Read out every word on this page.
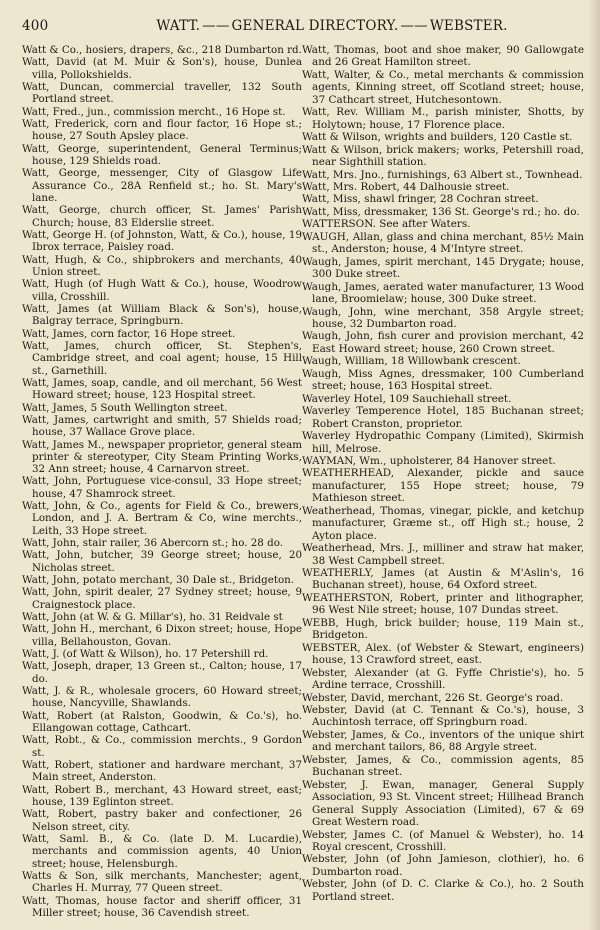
400	WATT. —— GENERAL DIRECTORY. —— WEBSTER.

Watt & Co., hosiers, drapers, &c., 218 Dumbarton rd.

Watt, David (at M. Muir & Son's), house, Dunlea villa, Pollokshields.

Watt, Duncan, commercial traveller, 132 South Portland street.

Watt, Fred., jun., commission mercht., 16 Hope st.

Watt, Frederick, corn and flour factor, 16 Hope st.; house, 27 South Apsley place.

Watt, George, superintendent, General Terminus; house, 129 Shields road.

Watt, George, messenger, City of Glasgow Life Assurance Co., 28A Renfield st.; ho. St. Mary's lane.

Watt, George, church officer, St. James' Parish Church; house, 83 Elderslie street.

Watt, George H. (of Johnston, Watt, & Co.), house, 19 Ibrox terrace, Paisley road.

Watt, Hugh, & Co., shipbrokers and merchants, 40 Union street.

Watt, Hugh (of Hugh Watt & Co.), house, Woodrow villa, Crosshill.

Watt, James (at William Black & Son's), house, Balgray terrace, Springburn.

Watt, James, corn factor, 16 Hope street.

Watt, James, church officer, St. Stephen's, Cambridge street, and coal agent; house, 15 Hill st., Garnethill.

Watt, James, soap, candle, and oil merchant, 56 West Howard street; house, 123 Hospital street.

Watt, James, 5 South Wellington street.

Watt, James, cartwright and smith, 57 Shields road; house, 37 Wallace Grove place.

Watt, James M., newspaper proprietor, general steam printer & stereotyper, City Steam Printing Works, 32 Ann street; house, 4 Carnarvon street.

Watt, John, Portuguese vice-consul, 33 Hope street; house, 47 Shamrock street.

Watt, John, & Co., agents for Field & Co., brewers, London, and J. A. Bertram & Co, wine merchts., Leith, 33 Hope street.

Watt, John, stair railer, 36 Abercorn st.; ho. 28 do.

Watt, John, butcher, 39 George street; house, 20 Nicholas street.

Watt, John, potato merchant, 30 Dale st., Bridgeton.

Watt, John, spirit dealer, 27 Sydney street; house, 9 Craignestock place.

Watt, John (at W. & G. Millar's), ho. 31 Reidvale st

Watt, John H., merchant, 6 Dixon street; house, Hope villa, Bellahouston, Govan.

Watt, J. (of Watt & Wilson), ho. 17 Petershill rd.

Watt, Joseph, draper, 13 Green st., Calton; house, 17 do.

Watt, J. & R., wholesale grocers, 60 Howard street; house, Nancyville, Shawlands.

Watt, Robert (at Ralston, Goodwin, & Co.'s), ho. Ellangowan cottage, Cathcart.

Watt, Robt., & Co., commission merchts., 9 Gordon st.

Watt, Robert, stationer and hardware merchant, 37 Main street, Anderston.

Watt, Robert B., merchant, 43 Howard street, east; house, 139 Eglinton street.

Watt, Robert, pastry baker and confectioner, 26 Nelson street, city.

Watt, Saml. B., & Co. (late D. M. Lucardie), merchants and commission agents, 40 Union street; house, Helensburgh.

Watts & Son, silk merchants, Manchester; agent, Charles H. Murray, 77 Queen street.

Watt, Thomas, house factor and sheriff officer, 31 Miller street; house, 36 Cavendish street.

Watt, Thomas, boot and shoe maker, 90 Gallowgate and 26 Great Hamilton street.

Watt, Walter, & Co., metal merchants & commission agents, Kinning street, off Scotland street; house, 37 Cathcart street, Hutchesontown.

Watt, Rev. William M., parish minister, Shotts, by Holytown; house, 17 Florence place.

Watt & Wilson, wrights and builders, 120 Castle st.

Watt & Wilson, brick makers; works, Petershill road, near Sighthill station.

Watt, Mrs. Jno., furnishings, 63 Albert st., Townhead.

Watt, Mrs. Robert, 44 Dalhousie street.

Watt, Miss, shawl fringer, 28 Cochran street.

Watt, Miss, dressmaker, 136 St. George's rd.; ho. do.

WATTERSON. See after Waters.

WAUGH, Allan, glass and china merchant, 85½ Main st., Anderston; house, 4 M'Intyre street.

Waugh, James, spirit merchant, 145 Drygate; house, 300 Duke street.

Waugh, James, aerated water manufacturer, 13 Wood lane, Broomielaw; house, 300 Duke street.

Waugh, John, wine merchant, 358 Argyle street; house, 32 Dumbarton road.

Waugh, John, fish curer and provision merchant, 42 East Howard street; house, 260 Crown street.

Waugh, William, 18 Willowbank crescent.

Waugh, Miss Agnes, dressmaker, 100 Cumberland street; house, 163 Hospital street.

Waverley Hotel, 109 Sauchiehall street.

Waverley Temperence Hotel, 185 Buchanan street; Robert Cranston, proprietor.

Waverley Hydropathic Company (Limited), Skirmish hill, Melrose.

WAYMAN, Wm., upholsterer, 84 Hanover street.

WEATHERHEAD, Alexander, pickle and sauce manufacturer, 155 Hope street; house, 79 Mathieson street.

Weatherhead, Thomas, vinegar, pickle, and ketchup manufacturer, Græme st., off High st.; house, 2 Ayton place.

Weatherhead, Mrs. J., milliner and straw hat maker, 38 West Campbell street.

WEATHERLY, James (at Austin & M'Aslin's, 16 Buchanan street), house, 64 Oxford street.

WEATHERSTON, Robert, printer and lithographer, 96 West Nile street; house, 107 Dundas street.

WEBB, Hugh, brick builder; house, 119 Main st., Bridgeton.

WEBSTER, Alex. (of Webster & Stewart, engineers) house, 13 Crawford street, east.

Webster, Alexander (at G. Fyffe Christie's), ho. 5 Ardine terrace, Crosshill.

Webster, David, merchant, 226 St. George's road.

Webster, David (at C. Tennant & Co.'s), house, 3 Auchintosh terrace, off Springburn road.

Webster, James, & Co., inventors of the unique shirt and merchant tailors, 86, 88 Argyle street.

Webster, James, & Co., commission agents, 85 Buchanan street.

Webster, J. Ewan, manager, General Supply Association, 93 St. Vincent street; Hillhead Branch General Supply Association (Limited), 67 & 69 Great Western road.

Webster, James C. (of Manuel & Webster), ho. 14 Royal crescent, Crosshill.

Webster, John (of John Jamieson, clothier), ho. 6 Dumbarton road.

Webster, John (of D. C. Clarke & Co.), ho. 2 South Portland street.
